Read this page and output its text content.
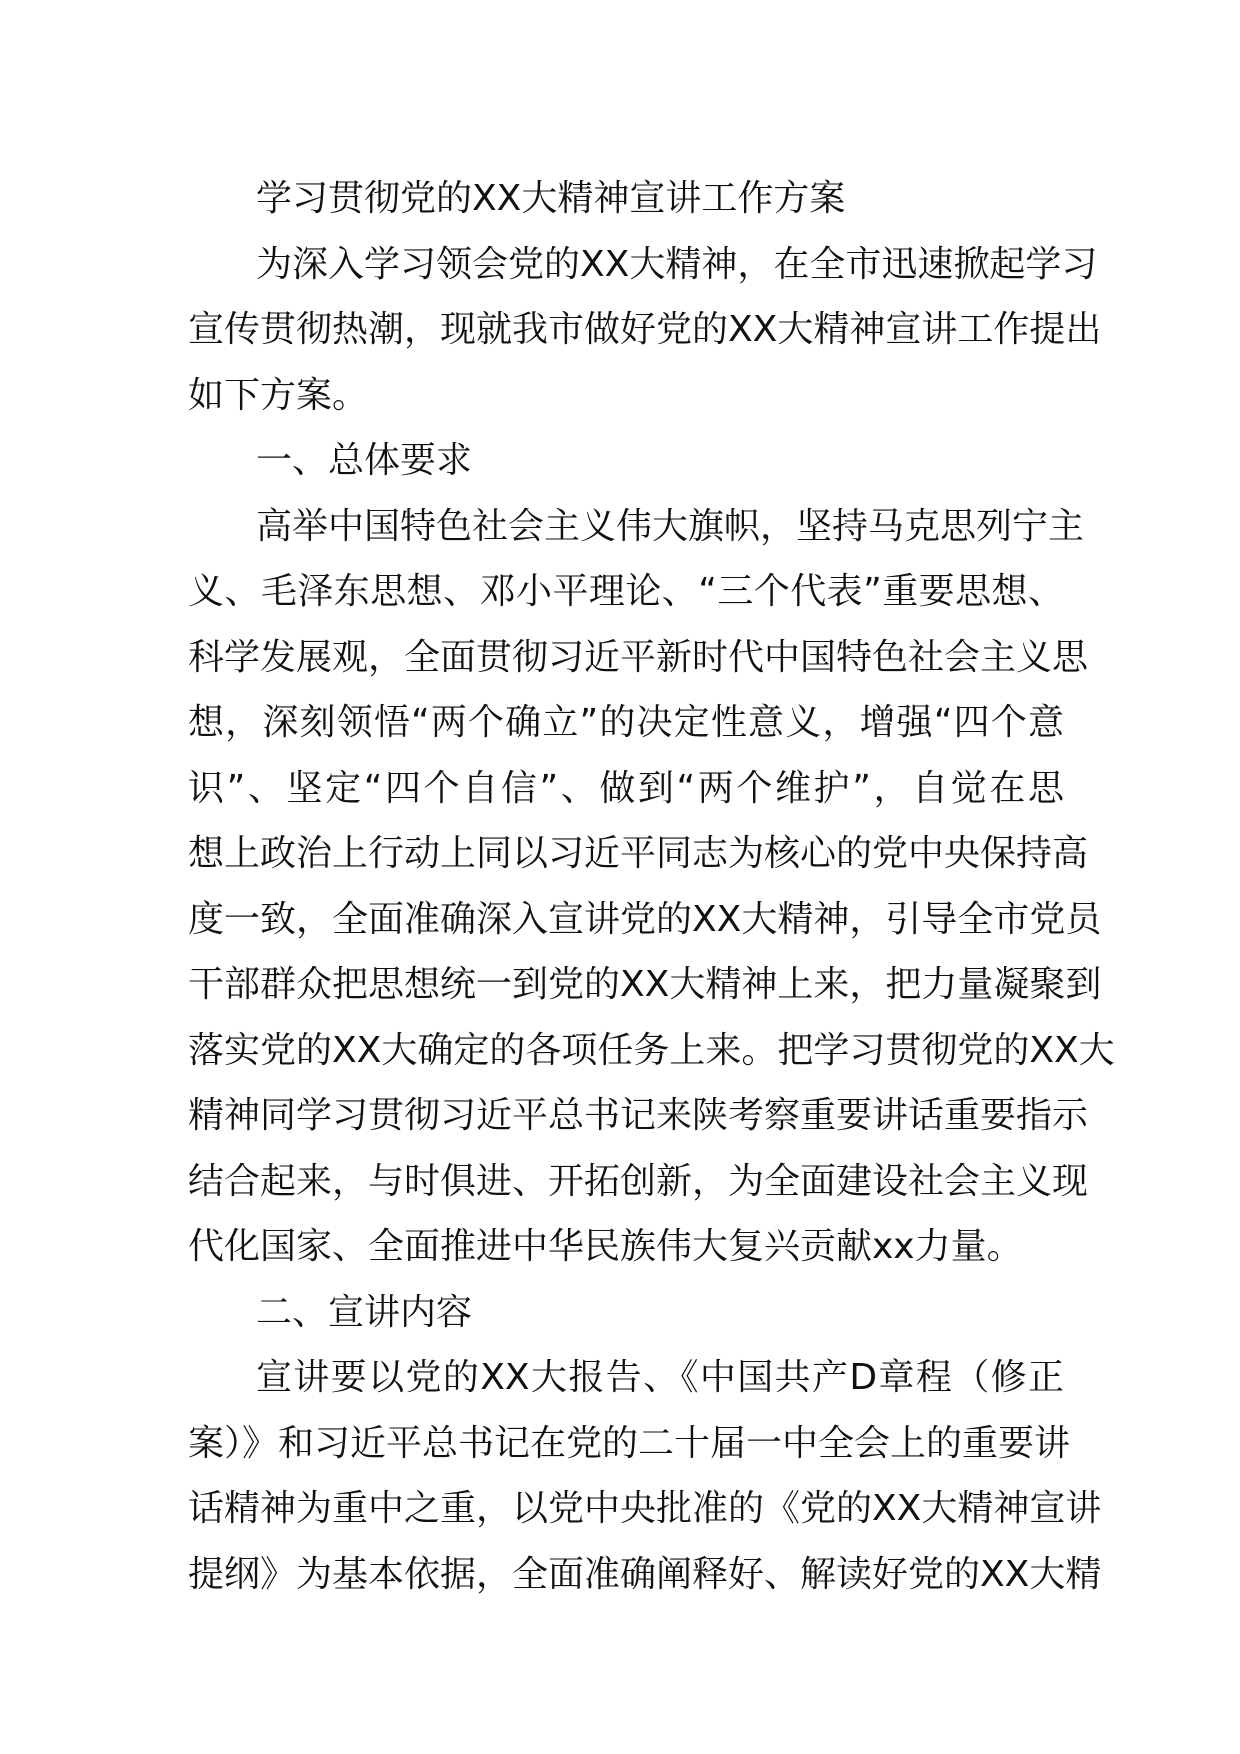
学习贯彻党的XX大精神宣讲工作方案

为深入学习领会党的XX大精神，在全市迅速掀起学习
宣传贯彻热潮，现就我市做好党的XX大精神宣讲工作提出
如下方案。

一、总体要求

高举中国特色社会主义伟大旗帜，坚持马克思列宁主
义、毛泽东思想、邓小平理论、“三个代表”重要思想、
科学发展观，全面贯彻习近平新时代中国特色社会主义思
想，深刻领悟“两个确立”的决定性意义，增强“四个意
识”、坚定“四个自信”、做到“两个维护”，自觉在思
想上政治上行动上同以习近平同志为核心的党中央保持高
度一致，全面准确深入宣讲党的XX大精神，引导全市党员
干部群众把思想统一到党的XX大精神上来，把力量凝聚到
落实党的XX大确定的各项任务上来。把学习贯彻党的XX大
精神同学习贯彻习近平总书记来陕考察重要讲话重要指示
结合起来，与时俱进、开拓创新，为全面建设社会主义现
代化国家、全面推进中华民族伟大复兴贡献xx力量。

二、宣讲内容

宣讲要以党的XX大报告、《中国共产D章程（修正
案）》和习近平总书记在党的二十届一中全会上的重要讲
话精神为重中之重，以党中央批准的《党的XX大精神宣讲
提纲》为基本依据，全面准确阐释好、解读好党的XX大精
